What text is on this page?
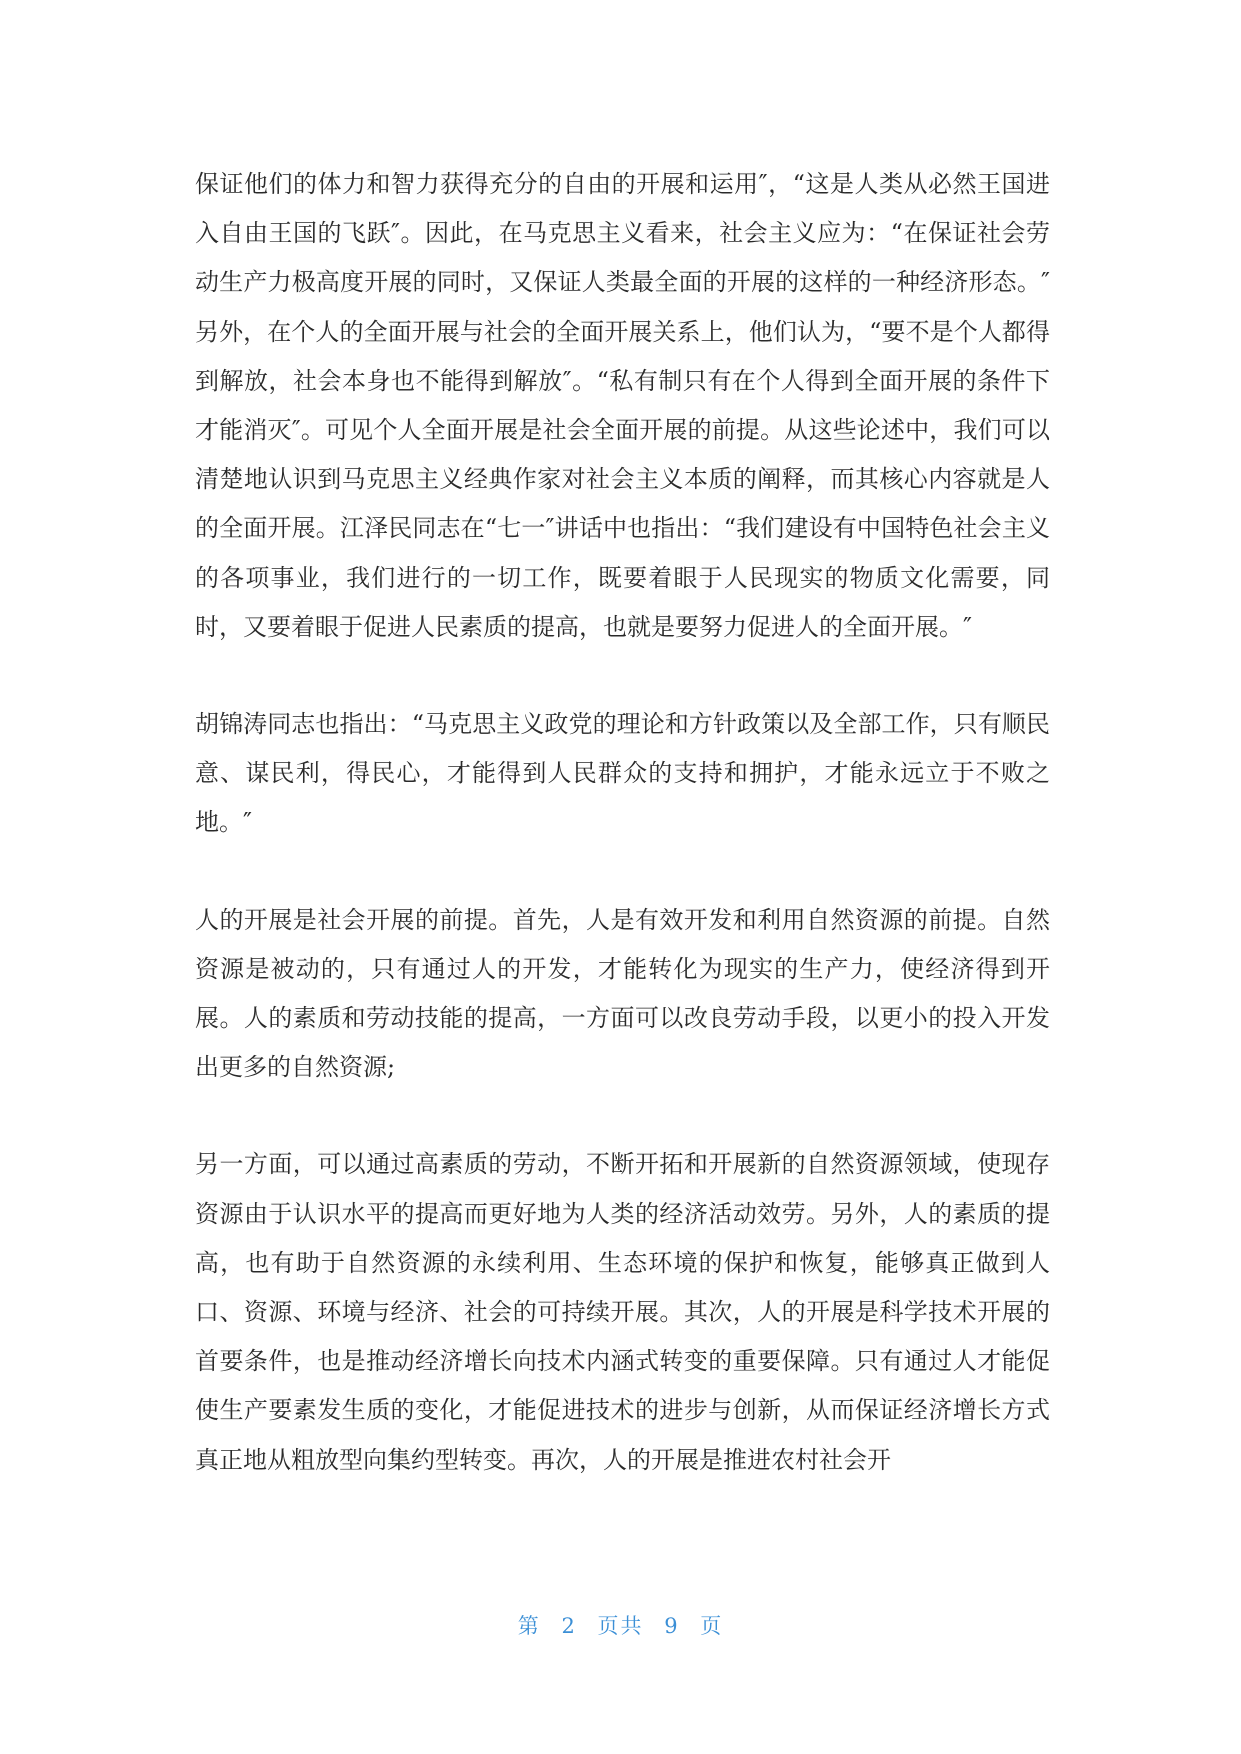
保证他们的体力和智力获得充分的自由的开展和运用″，“这是人类从必然王国进入自由王国的飞跃″。因此，在马克思主义看来，社会主义应为：“在保证社会劳动生产力极高度开展的同时，又保证人类最全面的开展的这样的一种经济形态。″另外，在个人的全面开展与社会的全面开展关系上，他们认为，“要不是个人都得到解放，社会本身也不能得到解放″。“私有制只有在个人得到全面开展的条件下才能消灭″。可见个人全面开展是社会全面开展的前提。从这些论述中，我们可以清楚地认识到马克思主义经典作家对社会主义本质的阐释，而其核心内容就是人的全面开展。江泽民同志在“七一″讲话中也指出：“我们建设有中国特色社会主义的各项事业，我们进行的一切工作，既要着眼于人民现实的物质文化需要，同时，又要着眼于促进人民素质的提高，也就是要努力促进人的全面开展。″

胡锦涛同志也指出：“马克思主义政党的理论和方针政策以及全部工作，只有顺民意、谋民利，得民心，才能得到人民群众的支持和拥护，才能永远立于不败之地。″

人的开展是社会开展的前提。首先，人是有效开发和利用自然资源的前提。自然资源是被动的，只有通过人的开发，才能转化为现实的生产力，使经济得到开展。人的素质和劳动技能的提高，一方面可以改良劳动手段，以更小的投入开发出更多的自然资源;

另一方面，可以通过高素质的劳动，不断开拓和开展新的自然资源领域，使现存资源由于认识水平的提高而更好地为人类的经济活动效劳。另外，人的素质的提高，也有助于自然资源的永续利用、生态环境的保护和恢复，能够真正做到人口、资源、环境与经济、社会的可持续开展。其次，人的开展是科学技术开展的首要条件，也是推动经济增长向技术内涵式转变的重要保障。只有通过人才能促使生产要素发生质的变化，才能促进技术的进步与创新，从而保证经济增长方式真正地从粗放型向集约型转变。再次，人的开展是推进农村社会开

第 2 页共 9 页
